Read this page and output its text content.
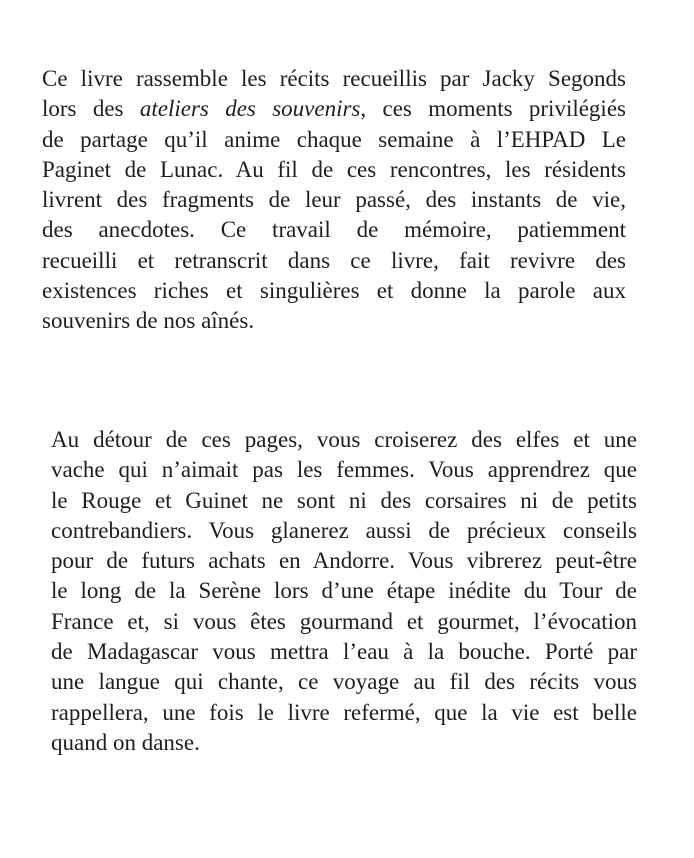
Ce livre rassemble les récits recueillis par Jacky Segonds
lors des ateliers des souvenirs, ces moments privilégiés
de partage qu’il anime chaque semaine à l’EHPAD Le
Paginet de Lunac. Au fil de ces rencontres, les résidents
livrent des fragments de leur passé, des instants de vie,
des anecdotes. Ce travail de mémoire, patiemment
recueilli et retranscrit dans ce livre, fait revivre des
existences riches et singulières et donne la parole aux
souvenirs de nos aînés.
Au détour de ces pages, vous croiserez des elfes et une
vache qui n’aimait pas les femmes. Vous apprendrez que
le Rouge et Guinet ne sont ni des corsaires ni de petits
contrebandiers. Vous glanerez aussi de précieux conseils
pour de futurs achats en Andorre. Vous vibrerez peut-être
le long de la Serène lors d’une étape inédite du Tour de
France et, si vous êtes gourmand et gourmet, l’évocation
de Madagascar vous mettra l’eau à la bouche. Porté par
une langue qui chante, ce voyage au fil des récits vous
rappellera, une fois le livre refermé, que la vie est belle
quand on danse.
